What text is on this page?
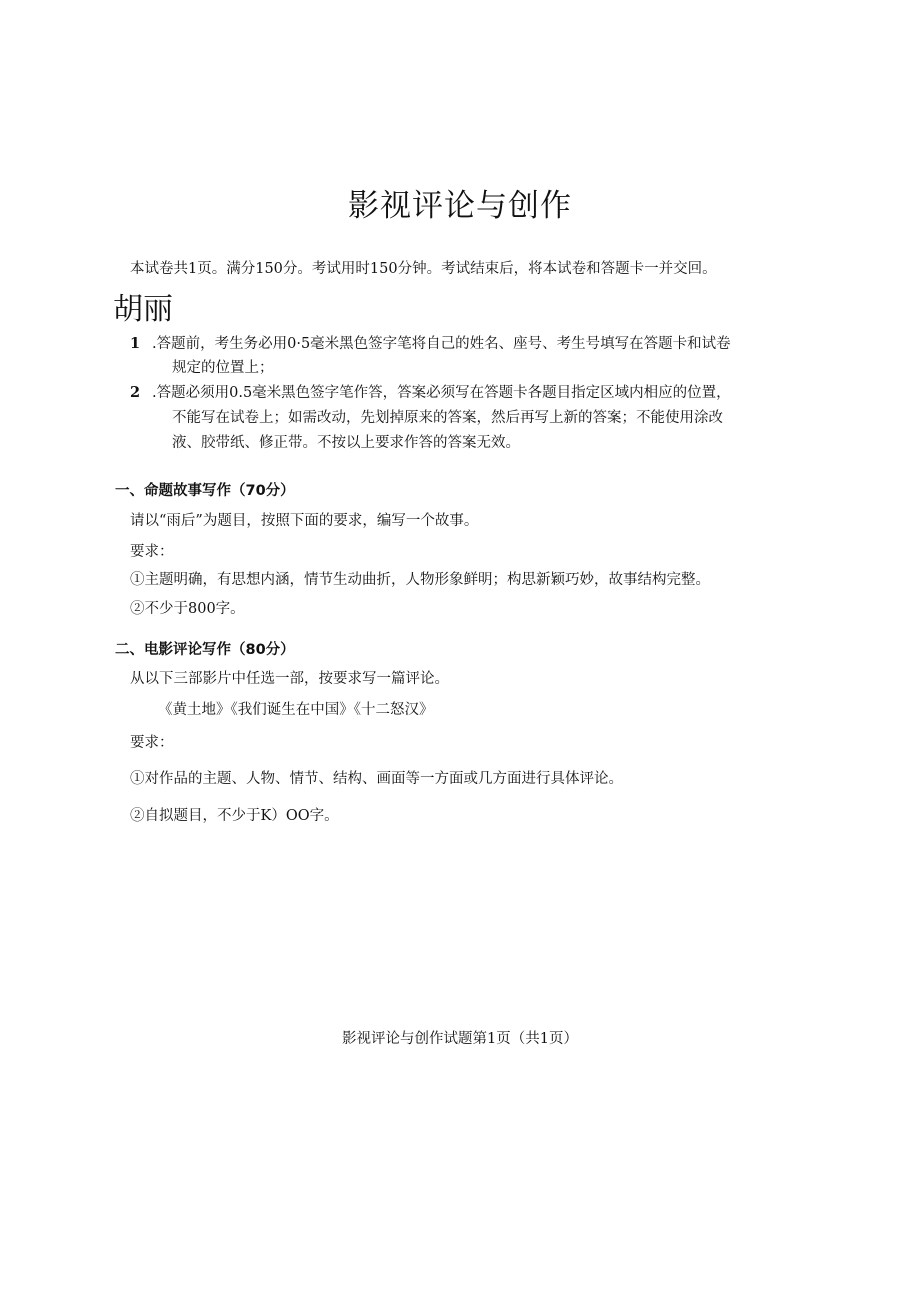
影视评论与创作
本试卷共1页。满分150分。考试用时150分钟。考试结束后，将本试卷和答题卡一并交回。
胡丽
1 .答题前，考生务必用0·5毫米黑色签字笔将自己的姓名、座号、考生号填写在答题卡和试卷
规定的位置上；
2 .答题必须用0.5毫米黑色签字笔作答，答案必须写在答题卡各题目指定区域内相应的位置，
不能写在试卷上；如需改动，先划掉原来的答案，然后再写上新的答案；不能使用涂改
液、胶带纸、修正带。不按以上要求作答的答案无效。
一、命题故事写作（70分）
请以“雨后”为题目，按照下面的要求，编写一个故事。
要求：
①主题明确，有思想内涵，情节生动曲折，人物形象鲜明；构思新颖巧妙，故事结构完整。
②不少于800字。
二、电影评论写作（80分）
从以下三部影片中任选一部，按要求写一篇评论。
《黄土地》《我们诞生在中国》《十二怒汉》
要求：
①对作品的主题、人物、情节、结构、画面等一方面或几方面进行具体评论。
②自拟题目，不少于K）OO字。
影视评论与创作试题第1页（共1页）
